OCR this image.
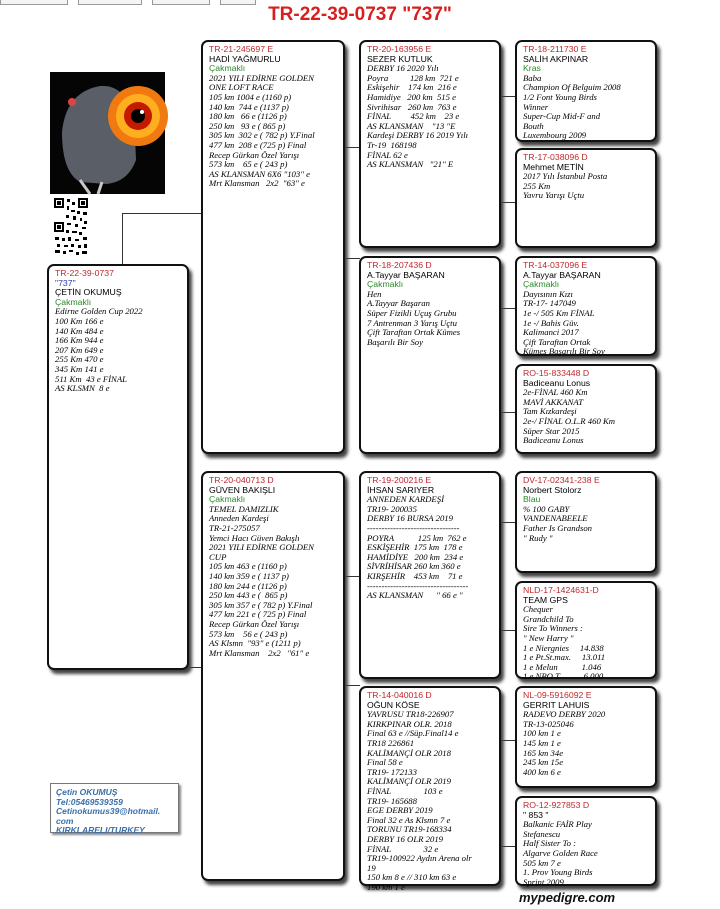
TR-22-39-0737 "737"
TR-22-39-0737
"737"
ÇETİN OKUMUŞ
Çakmaklı
Edirne Golden Cup 2022
100 Km 166 e
140 Km 484 e
166 Km 944 e
207 Km 649 e
255 Km 470 e
345 Km 141 e
511 Km  43 e FİNAL
AS KLSMN  8 e
TR-21-245697 E
HADİ YAĞMURLU
Çakmaklı
2021 YILI EDİRNE GOLDEN
ONE LOFT RACE
105 km 1004 e (1160 p)
140 km  744 e (1137 p)
180 km   66 e (1126 p)
250 km   93 e ( 865 p)
305 km  302 e ( 782 p) Y.Final
477 km  208 e (725 p) Final
Recep Gürkan Özel Yarışı
573 km    65 e ( 243 p)
AS KLANSMAN 6X6 "103" e
Mrt Klansman   2x2  "63" e
TR-20-040713 D
GÜVEN BAKIŞLI
Çakmaklı
TEMEL DAMIZLIK
Anneden Kardeşi
TR-21-275057
Yemci Hacı Güven Bakışlı
2021 YILI EDİRNE GOLDEN
CUP
105 km 463 e (1160 p)
140 km 359 e ( 1137 p)
180 km 244 e (1126 p)
250 km 443 e (  865 p)
305 km 357 e ( 782 p) Y.Final
477 km 221 e ( 725 p) Final
Recep Gürkan Özel Yarışı
573 km    56 e ( 243 p)
AS Klsmn  "93" e (1211 p)
Mrt Klansman    2x2   "61" e
TR-20-163956 E
SEZER KUTLUK
DERBY 16 2020 Yılı
Poyra          128 km  721 e
Eskişehir    174 km  216 e
Hamidiye   200 km  515 e
Sivrihisar   260 km  763 e
FİNAL         452 km    23 e
AS KLANSMAN    "13 "E
Kardeşi DERBY 16 2019 Yılı
Tr-19  168198
FİNAL 62 e
AS KLANSMAN   "21" E
TR-18-207436 D
A.Tayyar BAŞARAN
Çakmaklı
Hen
A.Tayyar Başaran
Süper Fizikli Uçuş Grubu
7 Antrenman 3 Yarış Uçtu
Çift Taraftan Ortak Kümes
Başarılı Bir Soy
TR-19-200216 E
İHSAN SARIYER
ANNEDEN KARDEŞİ
TR19- 200035
DERBY 16 BURSA 2019
--------------------------------
POYRA           125 km  762 e
ESKİŞEHİR  175 km  178 e
HAMİDİYE   200 km  234 e
SİVRİHİSAR 260 km 360 e
KIRŞEHİR    453 km    71 e
-----------------------------------
AS KLANSMAN      " 66 e "
TR-14-040016 D
OĞUN KÖSE
YAVRUSU TR18-226907
KIRKPINAR OLR. 2018
Final 63 e //Süp.Final14 e
TR18 226861
KALİMANÇİ OLR 2018
Final 58 e
TR19- 172133
KALİMANÇİ OLR 2019
FİNAL               103 e
TR19- 165688
EGE DERBY 2019
Final 32 e As Klsmn 7 e
TORUNU TR19-168334
DERBY 16 OLR 2019
FİNAL               32 e
TR19-100922 Aydın Arena olr
19
150 km 8 e // 310 km 63 e
190 km 1 e
TR-18-211730 E
SALİH AKPINAR
Kras
Baba
Champion Of Belguim 2008
1/2 Font Young Birds
Winner
Super-Cup Mid-F and
Bouth
Luxembourg 2009
TR-17-038096 D
Mehmet METİN
2017 Yılı İstanbul Posta
255 Km
Yavru Yarışı Uçtu
TR-14-037096 E
A.Tayyar BAŞARAN
Çakmaklı
Dayısının Kızı
TR-17- 147049
1e -/ 505 Km FİNAL
1e -/ Bahis Güv.
Kalimanci 2017
Çift Taraftan Ortak
Kümes Başarılı Bir Soy
RO-15-833448 D
Badiceanu Lonus
2e-FİNAL 460 Km
MAVİ AKKANAT
Tam Kızkardeşi
2e-/ FİNAL O.L.R 460 Km
Süper Star 2015
Badiceanu Lonus
DV-17-02341-238 E
Norbert Stolorz
Blau
% 100 GABY
VANDENABEELE
Father Is Grandson
" Rudy "
NLD-17-1424631-D
TEAM GPS
Chequer
Grandchild To
Sire To Winners :
" New Harry "
1 e Niergnies     14.838
1 e Pt.St.max.     13.011
1 e Melun           1.046
1 e NPO T           6.000
NL-09-5916092 E
GERRIT LAHUIS
RADEVO DERBY 2020
TR-13-025046
100 km 1 e
145 km 1 e
165 km 34e
245 km 15e
400 km 6 e
RO-12-927853 D
" 853 "
Balkanic FAİR Play
Stefanescu
Half Sister To :
Algarve Golden Race
505 km 7 e
1. Prov Young Birds
Sprint 2009
Çetin OKUMUŞ
Tel:05469539359
Cetinokumus39@hotmail.
com
KIRKLARELI/TURKEY
mypedigre.com
